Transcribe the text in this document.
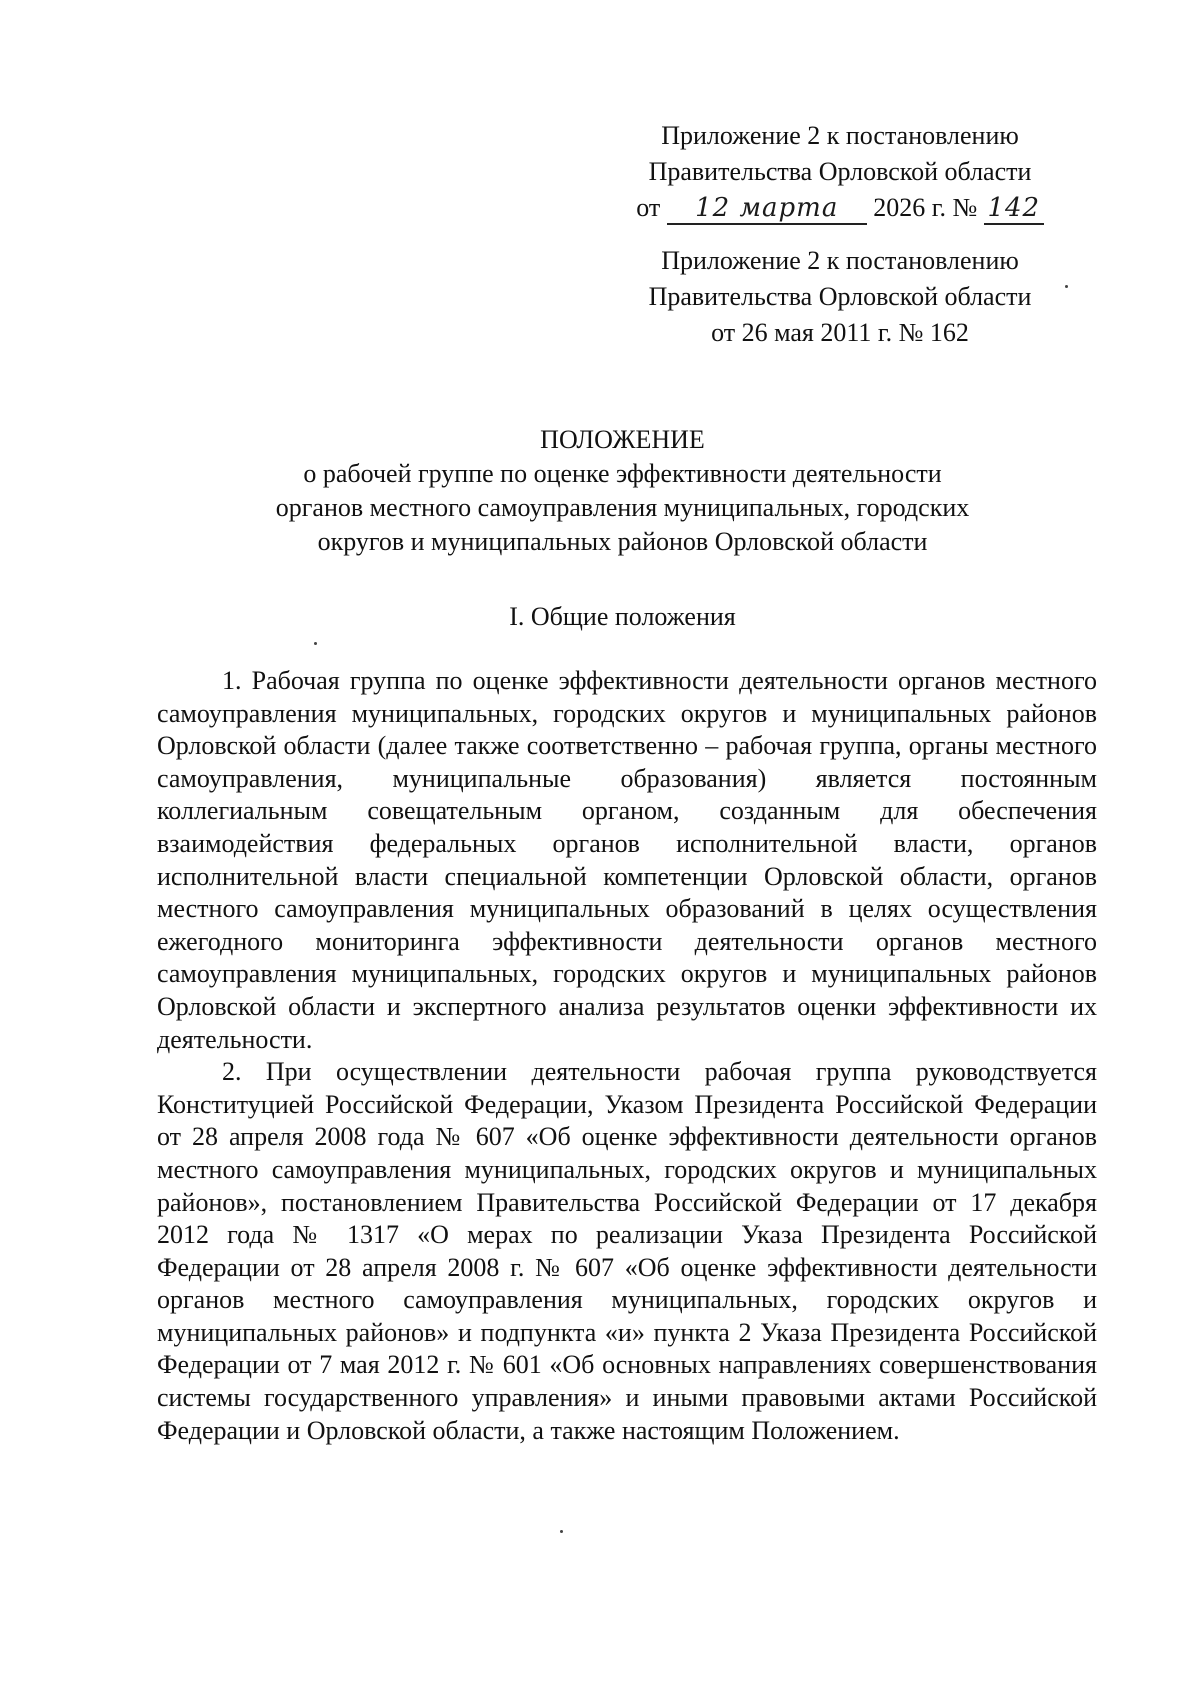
Приложение 2 к постановлению
Правительства Орловской области
от 12 марта 2026 г. № 142
Приложение 2 к постановлению
Правительства Орловской области
от 26 мая 2011 г. № 162
ПОЛОЖЕНИЕ
о рабочей группе по оценке эффективности деятельности
органов местного самоуправления муниципальных, городских
округов и муниципальных районов Орловской области
I. Общие положения

1. Рабочая группа по оценке эффективности деятельности органов местного самоуправления муниципальных, городских округов и муниципальных районов Орловской области (далее также соответственно – рабочая группа, органы местного самоуправления, муниципальные образования) является постоянным коллегиальным совещательным органом, созданным для обеспечения взаимодействия федеральных органов исполнительной власти, органов исполнительной власти специальной компетенции Орловской области, органов местного самоуправления муниципальных образований в целях осуществления ежегодного мониторинга эффективности деятельности органов местного самоуправления муниципальных, городских округов и муниципальных районов Орловской области и экспертного анализа результатов оценки эффективности их деятельности.

2. При осуществлении деятельности рабочая группа руководствуется Конституцией Российской Федерации, Указом Президента Российской Федерации от 28 апреля 2008 года № 607 «Об оценке эффективности деятельности органов местного самоуправления муниципальных, городских округов и муниципальных районов», постановлением Правительства Российской Федерации от 17 декабря 2012 года № 1317 «О мерах по реализации Указа Президента Российской Федерации от 28 апреля 2008 г. № 607 «Об оценке эффективности деятельности органов местного самоуправления муниципальных, городских округов и муниципальных районов» и подпункта «и» пункта 2 Указа Президента Российской Федерации от 7 мая 2012 г. № 601 «Об основных направлениях совершенствования системы государственного управления» и иными правовыми актами Российской Федерации и Орловской области, а также настоящим Положением.
